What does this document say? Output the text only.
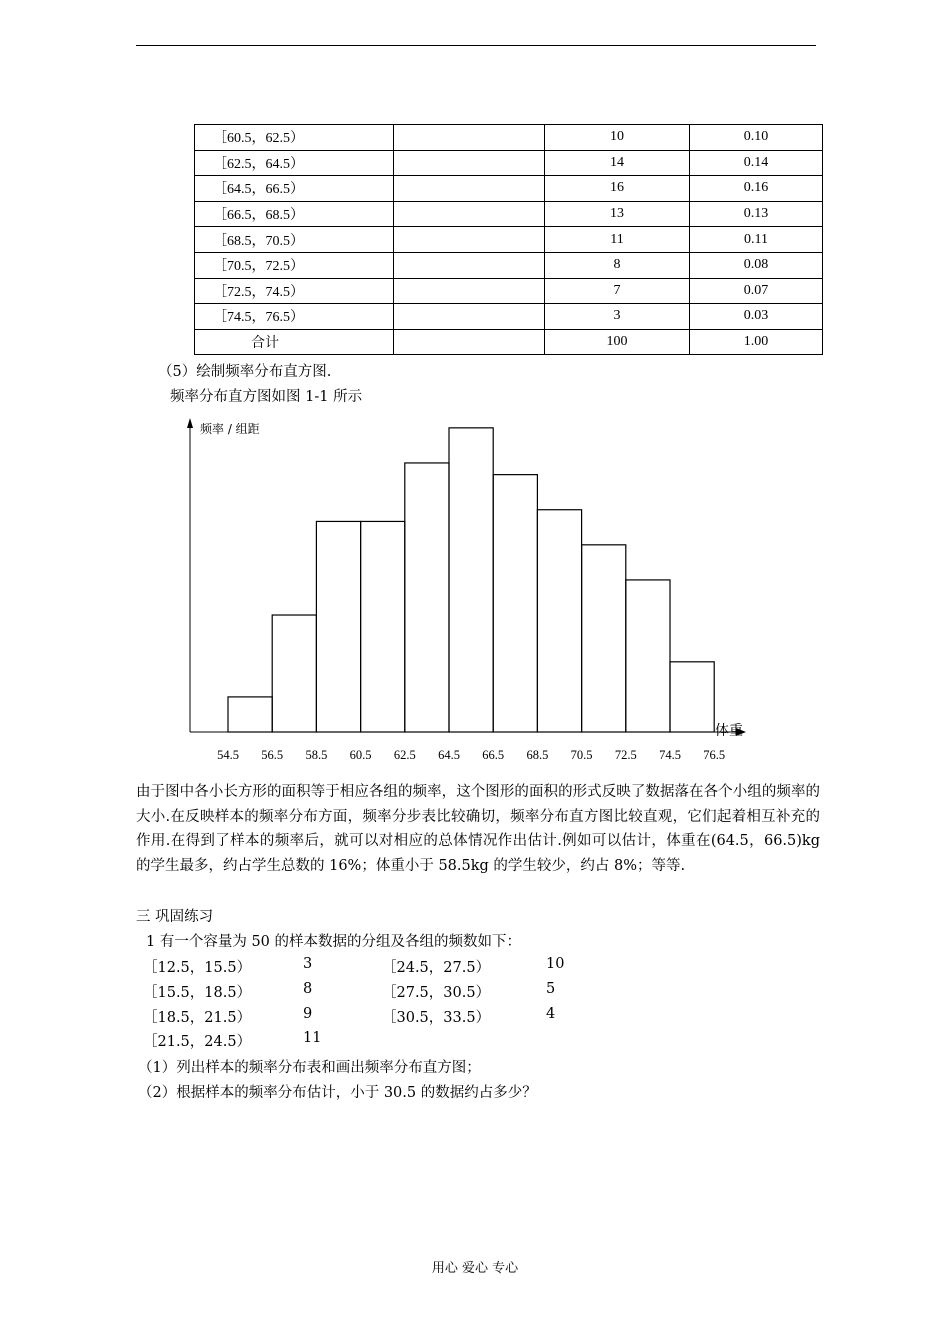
［60.5，62.5）		10	0.10
［62.5，64.5）		14	0.14
［64.5，66.5）		16	0.16
［66.5，68.5）		13	0.13
［68.5，70.5）		11	0.11
［70.5，72.5）		8	0.08
［72.5，74.5）		7	0.07
［74.5，76.5）		3	0.03
合计		100	1.00
（5）绘制频率分布直方图.
频率分布直方图如图 1-1 所示
频率 / 组距
体重
54.5 56.5 58.5 60.5 62.5 64.5 66.5 68.5 70.5 72.5 74.5 76.5
由于图中各小长方形的面积等于相应各组的频率，这个图形的面积的形式反映了数据落在各个小组的频率的大小.在反映样本的频率分布方面，频率分步表比较确切，频率分布直方图比较直观，它们起着相互补充的作用.在得到了样本的频率后，就可以对相应的总体情况作出估计.例如可以估计，体重在(64.5，66.5)kg 的学生最多，约占学生总数的 16%；体重小于 58.5kg 的学生较少，约占 8%；等等.
三 巩固练习
1 有一个容量为 50 的样本数据的分组及各组的频数如下：
［12.5，15.5）	3	［24.5，27.5）	10
［15.5，18.5）	8	［27.5，30.5）	5
［18.5，21.5）	9	［30.5，33.5）	4
［21.5，24.5）	11
（1）列出样本的频率分布表和画出频率分布直方图；
（2）根据样本的频率分布估计，小于 30.5 的数据约占多少？
用心 爱心 专心
